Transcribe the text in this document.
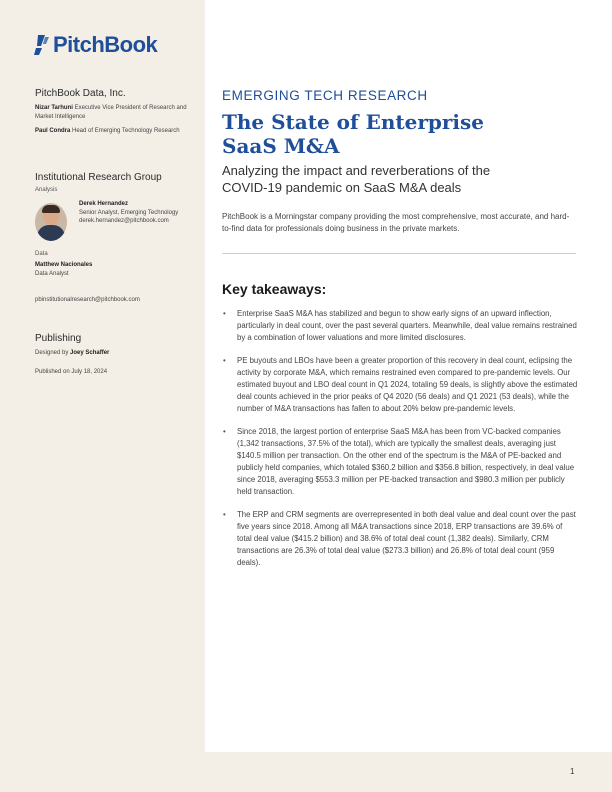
PitchBook
PitchBook Data, Inc.
Nizar Tarhuni Executive Vice President of Research and Market Intelligence
Paul Condra Head of Emerging Technology Research
Institutional Research Group
Analysis
Derek Hernandez
Senior Analyst, Emerging Technology
derek.hernandez@pitchbook.com
Data
Matthew Nacionales
Data Analyst
pbinstitutionalresearch@pitchbook.com
Publishing
Designed by Joey Schaffer
Published on July 18, 2024
EMERGING TECH RESEARCH
The State of Enterprise
SaaS M&A
Analyzing the impact and reverberations of the
COVID-19 pandemic on SaaS M&A deals
PitchBook is a Morningstar company providing the most comprehensive, most accurate, and hard-to-find data for professionals doing business in the private markets.
Key takeaways:
• Enterprise SaaS M&A has stabilized and begun to show early signs of an upward inflection, particularly in deal count, over the past several quarters. Meanwhile, deal value remains restrained by a combination of lower valuations and more limited disclosures.
• PE buyouts and LBOs have been a greater proportion of this recovery in deal count, eclipsing the activity by corporate M&A, which remains restrained even compared to pre-pandemic levels. Our estimated buyout and LBO deal count in Q1 2024, totaling 59 deals, is slightly above the estimated deal counts achieved in the prior peaks of Q4 2020 (56 deals) and Q1 2021 (53 deals), while the number of M&A transactions has fallen to about 20% below pre-pandemic levels.
• Since 2018, the largest portion of enterprise SaaS M&A has been from VC-backed companies (1,342 transactions, 37.5% of the total), which are typically the smallest deals, averaging just $140.5 million per transaction. On the other end of the spectrum is the M&A of PE-backed and publicly held companies, which totaled $360.2 billion and $356.8 billion, respectively, in deal value since 2018, averaging $553.3 million per PE-backed transaction and $980.3 million per publicly held transaction.
• The ERP and CRM segments are overrepresented in both deal value and deal count over the past five years since 2018. Among all M&A transactions since 2018, ERP transactions are 39.6% of total deal value ($415.2 billion) and 38.6% of total deal count (1,382 deals). Similarly, CRM transactions are 26.3% of total deal value ($273.3 billion) and 26.8% of total deal count (959 deals).
1
